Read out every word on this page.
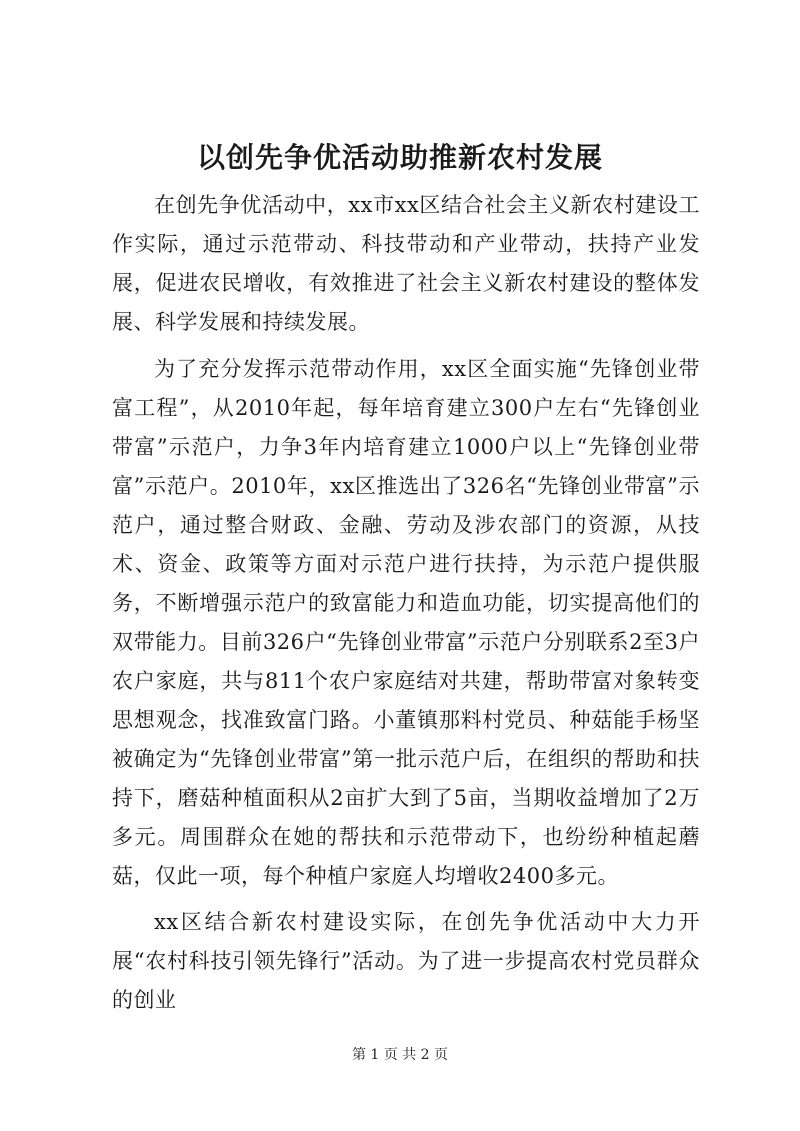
以创先争优活动助推新农村发展

在创先争优活动中，xx市xx区结合社会主义新农村建设工作实际，通过示范带动、科技带动和产业带动，扶持产业发展，促进农民增收，有效推进了社会主义新农村建设的整体发展、科学发展和持续发展。

为了充分发挥示范带动作用，xx区全面实施“先锋创业带富工程”，从2010年起，每年培育建立300户左右“先锋创业带富”示范户，力争3年内培育建立1000户以上“先锋创业带富”示范户。2010年，xx区推选出了326名“先锋创业带富”示范户，通过整合财政、金融、劳动及涉农部门的资源，从技术、资金、政策等方面对示范户进行扶持，为示范户提供服务，不断增强示范户的致富能力和造血功能，切实提高他们的双带能力。目前326户“先锋创业带富”示范户分别联系2至3户农户家庭，共与811个农户家庭结对共建，帮助带富对象转变思想观念，找准致富门路。小董镇那料村党员、种菇能手杨坚被确定为“先锋创业带富”第一批示范户后，在组织的帮助和扶持下，磨菇种植面积从2亩扩大到了5亩，当期收益增加了2万多元。周围群众在她的帮扶和示范带动下，也纷纷种植起蘑菇，仅此一项，每个种植户家庭人均增收2400多元。

xx区结合新农村建设实际，在创先争优活动中大力开展“农村科技引领先锋行”活动。为了进一步提高农村党员群众的创业

第 1 页 共 2 页
